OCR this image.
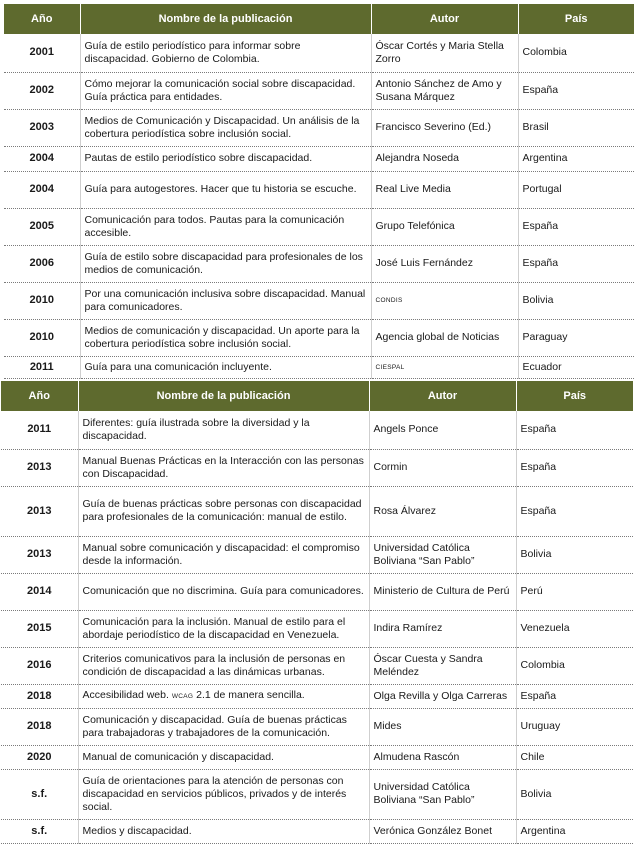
Año	Nombre de la publicación	Autor	País
2001	Guía de estilo periodístico para informar sobre discapacidad. Gobierno de Colombia.	Óscar Cortés y Maria Stella Zorro	Colombia
2002	Cómo mejorar la comunicación social sobre discapacidad. Guía práctica para entidades.	Antonio Sánchez de Amo y Susana Márquez	España
2003	Medios de Comunicación y Discapacidad. Un análisis de la cobertura periodística sobre inclusión social.	Francisco Severino (Ed.)	Brasil
2004	Pautas de estilo periodístico sobre discapacidad.	Alejandra Noseda	Argentina
2004	Guía para autogestores. Hacer que tu historia se escuche.	Real Live Media	Portugal
2005	Comunicación para todos. Pautas para la comunicación accesible.	Grupo Telefónica	España
2006	Guía de estilo sobre discapacidad para profesionales de los medios de comunicación.	José Luis Fernández	España
2010	Por una comunicación inclusiva sobre discapacidad. Manual para comunicadores.	CONDIS	Bolivia
2010	Medios de comunicación y discapacidad. Un aporte para la cobertura periodística sobre inclusión social.	Agencia global de Noticias	Paraguay
2011	Guía para una comunicación incluyente.	CIESPAL	Ecuador
Año	Nombre de la publicación	Autor	País
2011	Diferentes: guía ilustrada sobre la diversidad y la discapacidad.	Angels Ponce	España
2013	Manual Buenas Prácticas en la Interacción con las personas con Discapacidad.	Cormin	España
2013	Guía de buenas prácticas sobre personas con discapacidad para profesionales de la comunicación: manual de estilo.	Rosa Álvarez	España
2013	Manual sobre comunicación y discapacidad: el compromiso desde la información.	Universidad Católica Boliviana “San Pablo”	Bolivia
2014	Comunicación que no discrimina. Guía para comunicadores.	Ministerio de Cultura de Perú	Perú
2015	Comunicación para la inclusión. Manual de estilo para el abordaje periodístico de la discapacidad en Venezuela.	Indira Ramírez	Venezuela
2016	Criterios comunicativos para la inclusión de personas en condición de discapacidad a las dinámicas urbanas.	Óscar Cuesta y Sandra Meléndez	Colombia
2018	Accesibilidad web. WCAG 2.1 de manera sencilla.	Olga Revilla y Olga Carreras	España
2018	Comunicación y discapacidad. Guía de buenas prácticas para trabajadoras y trabajadores de la comunicación.	Mides	Uruguay
2020	Manual de comunicación y discapacidad.	Almudena Rascón	Chile
s.f.	Guía de orientaciones para la atención de personas con discapacidad en servicios públicos, privados y de interés social.	Universidad Católica Boliviana “San Pablo”	Bolivia
s.f.	Medios y discapacidad.	Verónica González Bonet	Argentina
